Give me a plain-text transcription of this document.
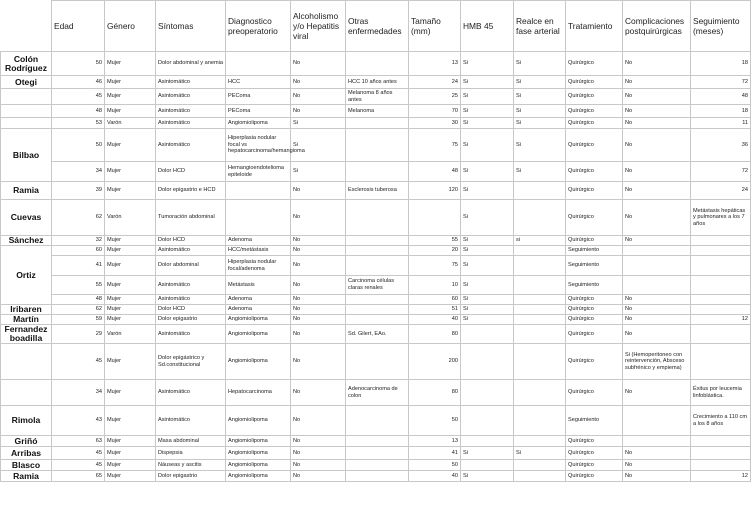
	Edad	Género	Síntomas	Diagnostico preoperatorio	Alcoholismo y/o Hepatitis viral	Otras enfermedades	Tamaño (mm)	HMB 45	Realce en fase arterial	Tratamiento	Complicaciones postquirúrgicas	Seguimiento (meses)
Colón Rodríguez	50	Mujer	Dolor abdominal y anemia		No		13	Si	Si	Quirúrgico	No	18
Otegi	46	Mujer	Asintomático	HCC	No	HCC 10 años antes	24	Si	Si	Quirúrgico	No	72
	45	Mujer	Asintomático	PEComa	No	Melanoma 8 años antes	25	Si	Si	Quirúrgico	No	48
	48	Mujer	Asintomático	PEComa	No	Melanoma	70	Si	Si	Quirúrgico	No	18
	53	Varón	Asintomático	Angiomiolipoma	Si		30	Si	Si	Quirúrgico	No	11
Bilbao	50	Mujer	Asintomático	Hiperplasia nodular focal vs hepatocarcinoma/hemangioma	Si		75	Si	Si	Quirúrgico	No	36
	34	Mujer	Dolor HCD	Hemangioendotelioma epiteloide	Si		48	Si	Si	Quirúrgico	No	72
Ramia	39	Mujer	Dolor epigastrio e HCD		No	Esclerosis tuberosa	120	Si		Quirúrgico	No	24
Cuevas	62	Varón	Tumoración abdominal		No			Si		Quirúrgico	No	Metástasis hepáticas y pulmonares a los 7 años
Sánchez	32	Mujer	Dolor HCD	Adenoma	No		55	Si	si	Quirúrgico	No	
Ortiz	60	Mujer	Asintomático	HCC/metástasis	No		20	Si		Seguimiento		
	41	Mujer	Dolor abdominal	Hiperplasia nodular focal/adenoma	No		75	Si		Seguimiento		
	55	Mujer	Asintomático	Metástasis	No	Carcinoma células claras renales	10	Si		Seguimiento		
	48	Mujer	Asintomático	Adenoma	No		60	Si		Quirúrgico	No	
Iribaren	62	Mujer	Dolor HCD	Adenoma	No		51	Si		Quirúrgico	No	
Martín	59	Mujer	Dolor epigastrio	Angiomiolipoma	No		40	Si		Quirúrgico	No	12
Fernandez boadilla	29	Varón	Asintomático	Angiomiolipoma	No	Sd. Gilert, EAo.	80			Quirúrgico	No	
	45	Mujer	Dolor epigástrico y Sd.constitucional	Angiomiolipoma	No		200			Quirúrgico	Si (Hemoperitoneo con reintervención, Absceso subfrénico y empiema)	
	34	Mujer	Asintomático	Hepatocarcinoma	No	Adenocarcinoma de colon	80			Quirúrgico	No	Éxitus por leucemia linfoblástica.
Rimola	43	Mujer	Asintomático	Angiomiolipoma	No		50			Seguimiento		Crecimiento a 110 cm a los 8 años
Griñó	63	Mujer	Masa abdominal	Angiomiolipoma	No		13			Quirúrgico		
Arribas	45	Mujer	Dispepsia	Angiomiolipoma	No		41	Si	Si	Quirúrgico	No	
Blasco	45	Mujer	Náuseas y ascitis	Angiomiolipoma	No		50			Quirúrgico	No	
Ramia	65	Mujer	Dolor epigastrio	Angiomiolipoma	No		40	Si		Quirúrgico	No	12
